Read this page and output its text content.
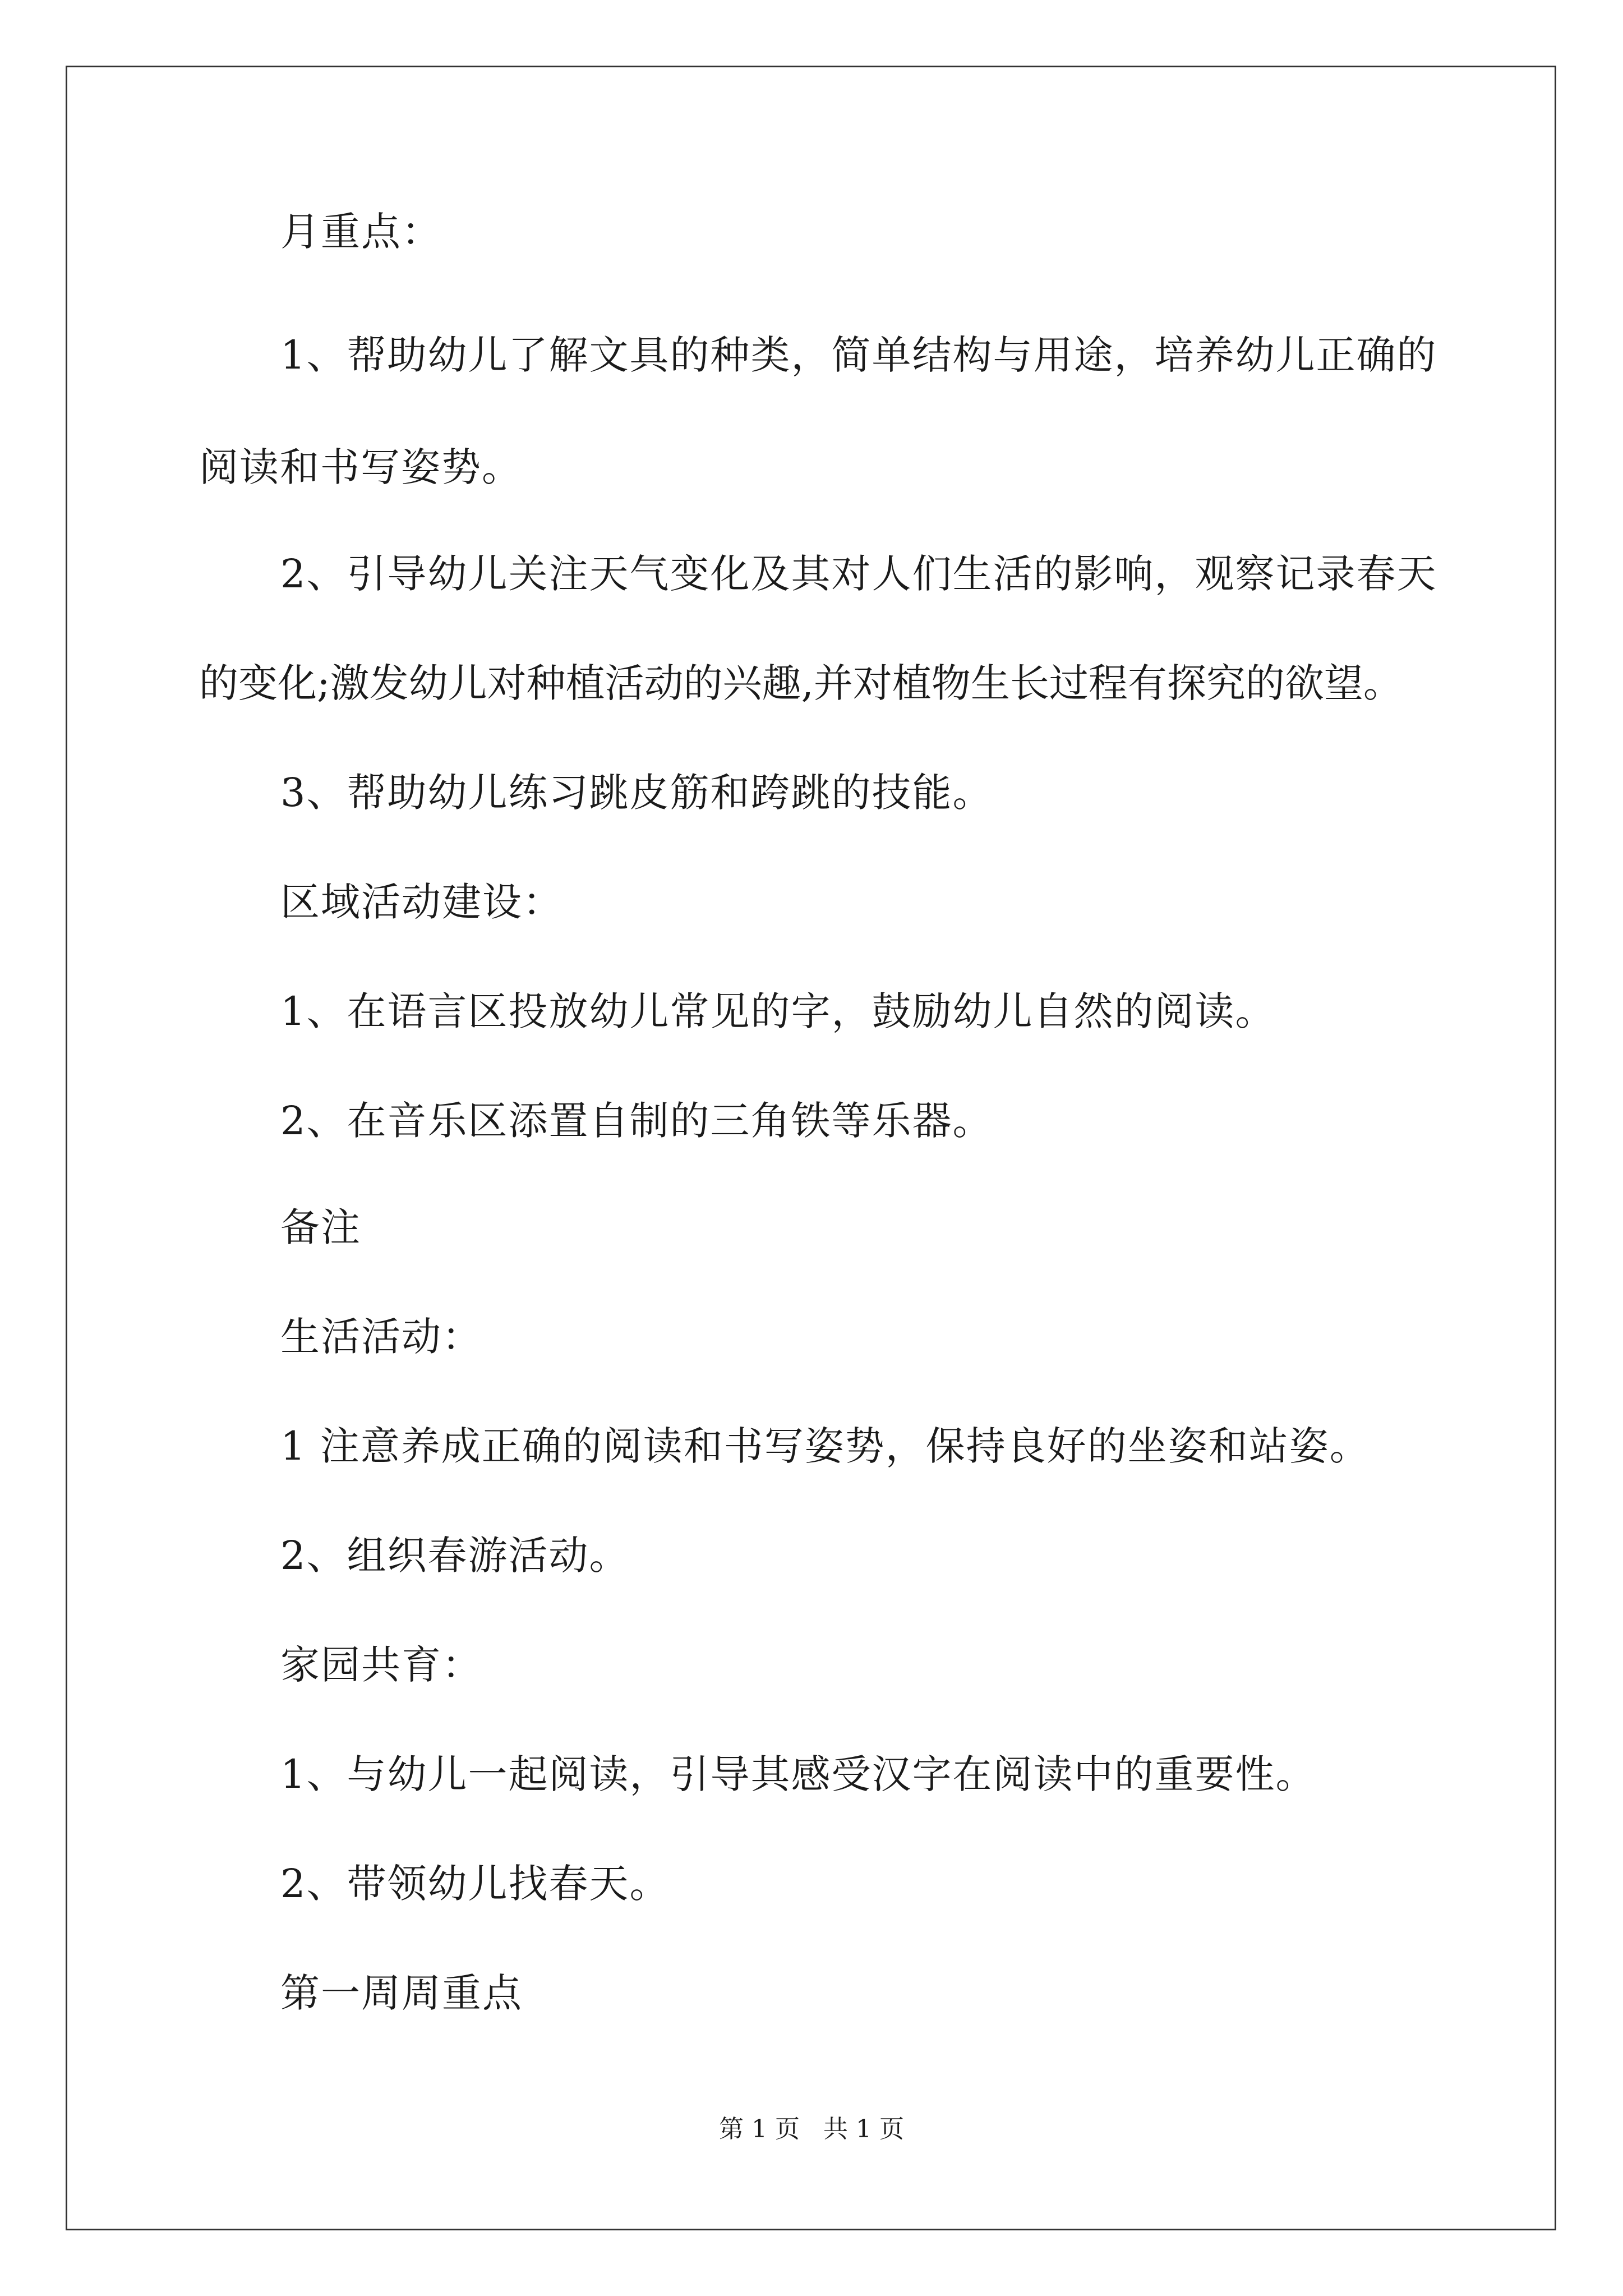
月重点：
1、帮助幼儿了解文具的种类，简单结构与用途，培养幼儿正确的
阅读和书写姿势。
2、引导幼儿关注天气变化及其对人们生活的影响，观察记录春天
的变化;激发幼儿对种植活动的兴趣,并对植物生长过程有探究的欲望。
3、帮助幼儿练习跳皮筋和跨跳的技能。
区域活动建设：
1、在语言区投放幼儿常见的字，鼓励幼儿自然的阅读。
2、在音乐区添置自制的三角铁等乐器。
备注
生活活动：
1 注意养成正确的阅读和书写姿势，保持良好的坐姿和站姿。
2、组织春游活动。
家园共育：
1、与幼儿一起阅读，引导其感受汉字在阅读中的重要性。
2、带领幼儿找春天。
第一周周重点
第 1 页   共 1 页
